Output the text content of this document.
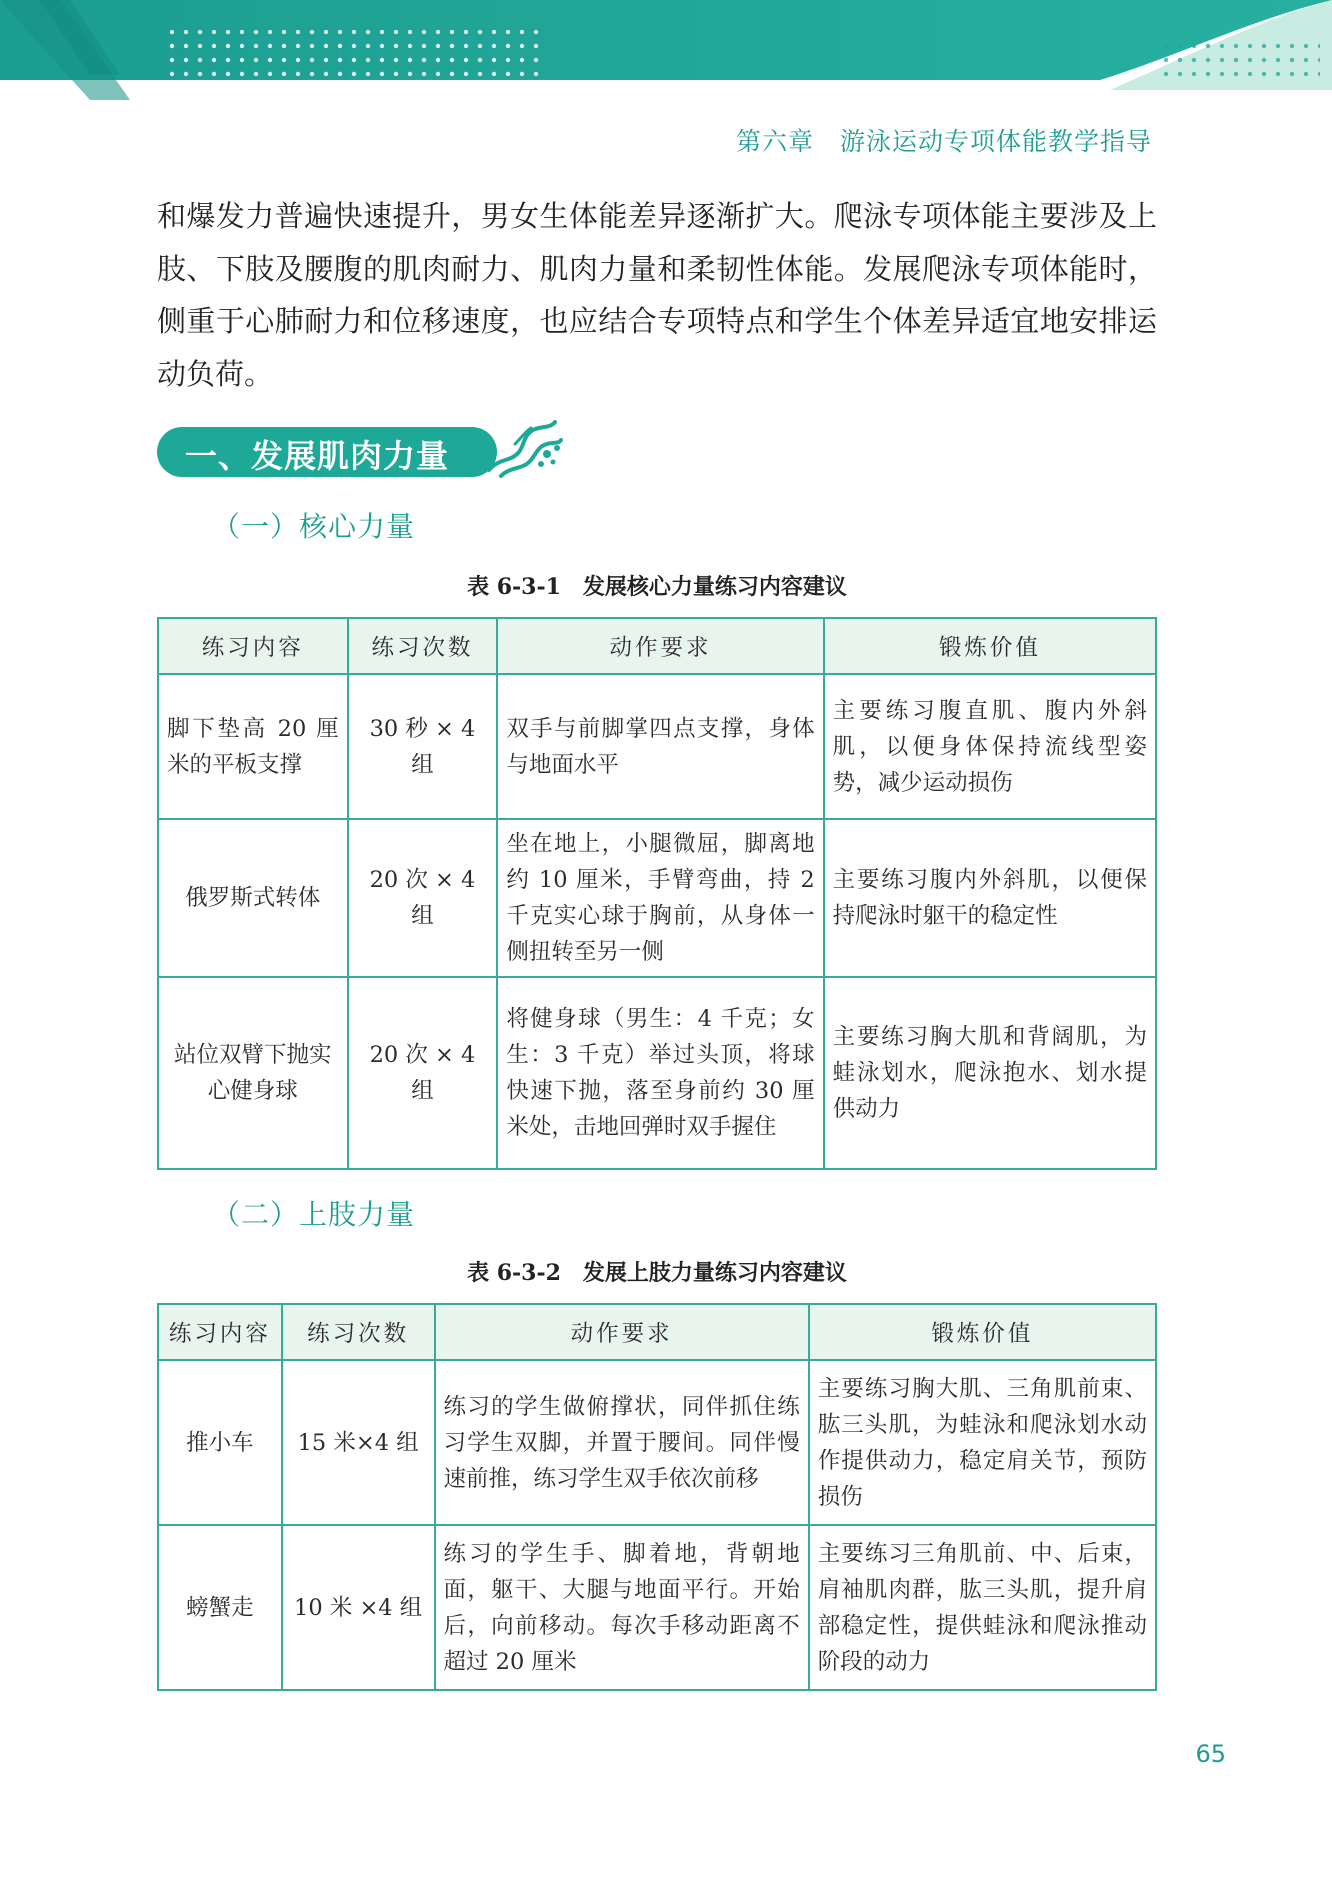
第六章　游泳运动专项体能教学指导

和爆发力普遍快速提升，男女生体能差异逐渐扩大。爬泳专项体能主要涉及上肢、下肢及腰腹的肌肉耐力、肌肉力量和柔韧性体能。发展爬泳专项体能时，侧重于心肺耐力和位移速度，也应结合专项特点和学生个体差异适宜地安排运动负荷。

一、发展肌肉力量
（一）核心力量
表 6-3-1　发展核心力量练习内容建议
练习内容	练习次数	动作要求	锻炼价值
脚下垫高 20 厘米的平板支撑	30 秒 × 4 组	双手与前脚掌四点支撑，身体与地面水平	主要练习腹直肌、腹内外斜肌，以便身体保持流线型姿势，减少运动损伤
俄罗斯式转体	20 次 × 4 组	坐在地上，小腿微屈，脚离地约 10 厘米，手臂弯曲，持 2 千克实心球于胸前，从身体一侧扭转至另一侧	主要练习腹内外斜肌，以便保持爬泳时躯干的稳定性
站位双臂下抛实心健身球	20 次 × 4 组	将健身球（男生：4 千克；女生：3 千克）举过头顶，将球快速下抛，落至身前约 30 厘米处，击地回弹时双手握住	主要练习胸大肌和背阔肌，为蛙泳划水，爬泳抱水、划水提供动力
（二）上肢力量
表 6-3-2　发展上肢力量练习内容建议
练习内容	练习次数	动作要求	锻炼价值
推小车	15 米×4 组	练习的学生做俯撑状，同伴抓住练习学生双脚，并置于腰间。同伴慢速前推，练习学生双手依次前移	主要练习胸大肌、三角肌前束、肱三头肌，为蛙泳和爬泳划水动作提供动力，稳定肩关节，预防损伤
螃蟹走	10 米 ×4 组	练习的学生手、脚着地，背朝地面，躯干、大腿与地面平行。开始后，向前移动。每次手移动距离不超过 20 厘米	主要练习三角肌前、中、后束，肩袖肌肉群，肱三头肌，提升肩部稳定性，提供蛙泳和爬泳推动阶段的动力
65
